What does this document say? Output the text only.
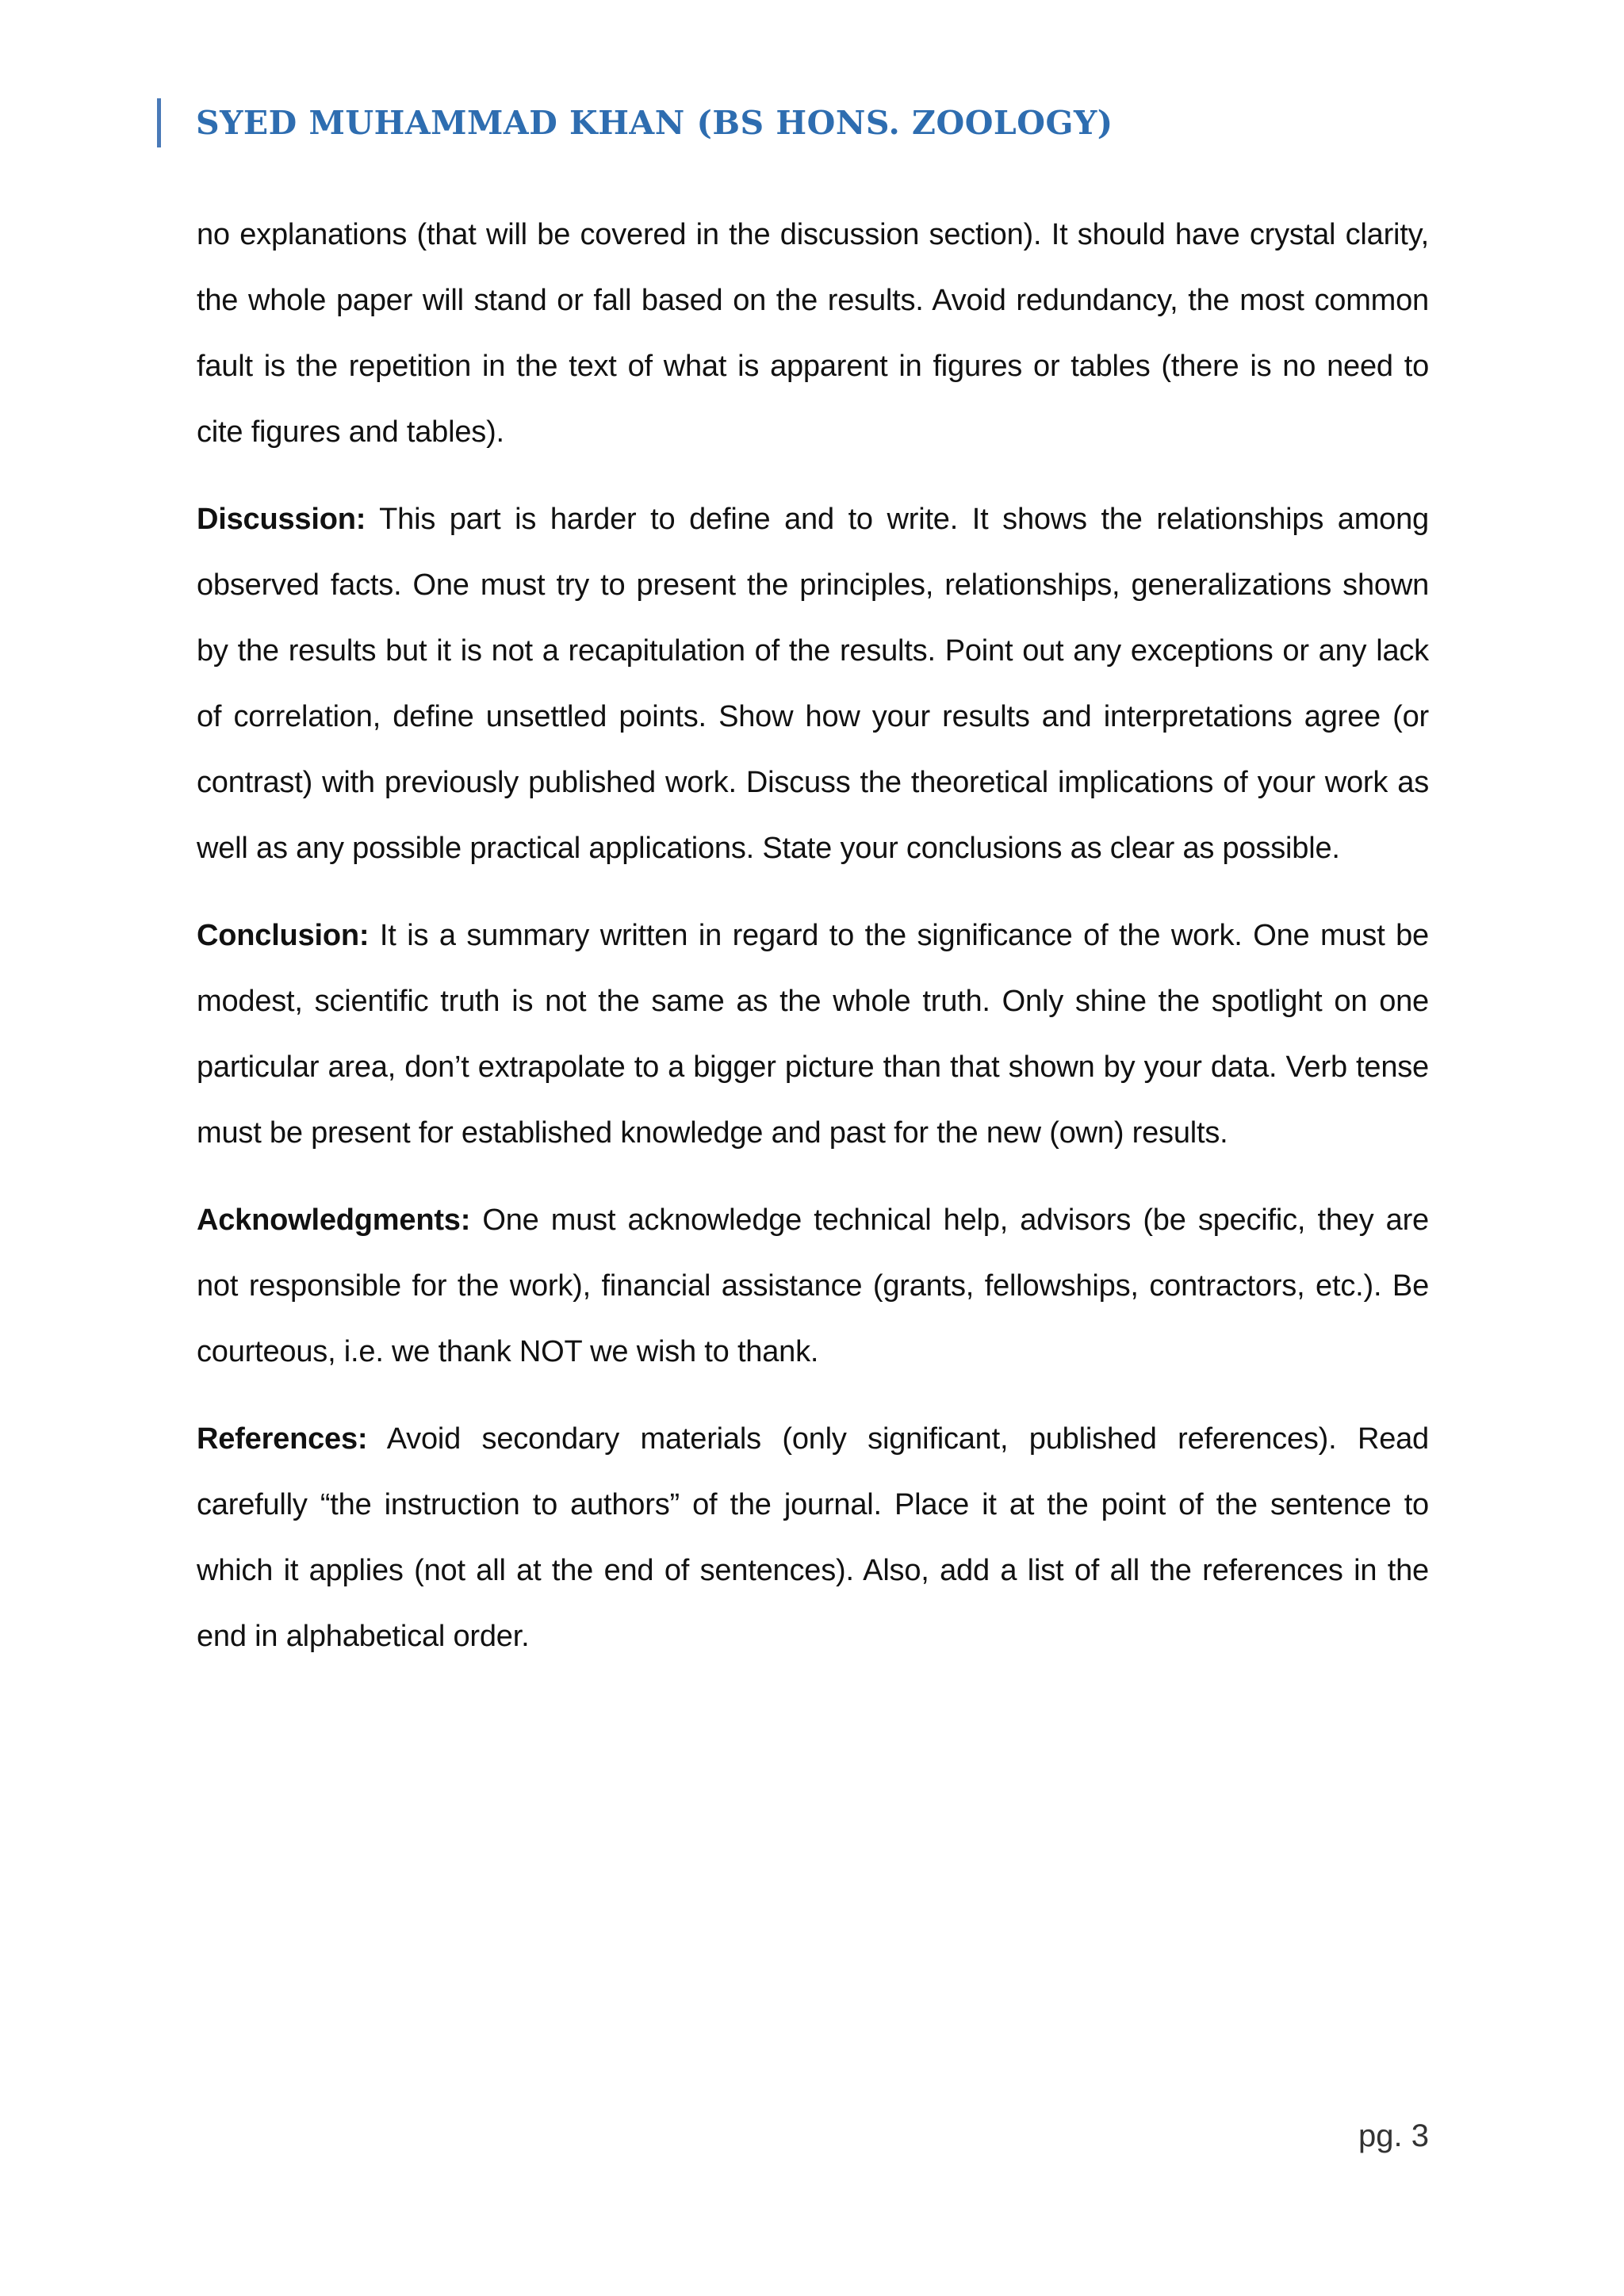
SYED MUHAMMAD KHAN (BS HONS. ZOOLOGY)

no explanations (that will be covered in the discussion section). It should have crystal clarity, the whole paper will stand or fall based on the results. Avoid redundancy, the most common fault is the repetition in the text of what is apparent in figures or tables (there is no need to cite figures and tables).

Discussion: This part is harder to define and to write. It shows the relationships among observed facts. One must try to present the principles, relationships, generalizations shown by the results but it is not a recapitulation of the results. Point out any exceptions or any lack of correlation, define unsettled points. Show how your results and interpretations agree (or contrast) with previously published work. Discuss the theoretical implications of your work as well as any possible practical applications. State your conclusions as clear as possible.

Conclusion: It is a summary written in regard to the significance of the work. One must be modest, scientific truth is not the same as the whole truth. Only shine the spotlight on one particular area, don’t extrapolate to a bigger picture than that shown by your data. Verb tense must be present for established knowledge and past for the new (own) results.

Acknowledgments: One must acknowledge technical help, advisors (be specific, they are not responsible for the work), financial assistance (grants, fellowships, contractors, etc.). Be courteous, i.e. we thank NOT we wish to thank.

References: Avoid secondary materials (only significant, published references). Read carefully “the instruction to authors” of the journal. Place it at the point of the sentence to which it applies (not all at the end of sentences). Also, add a list of all the references in the end in alphabetical order.

pg. 3
